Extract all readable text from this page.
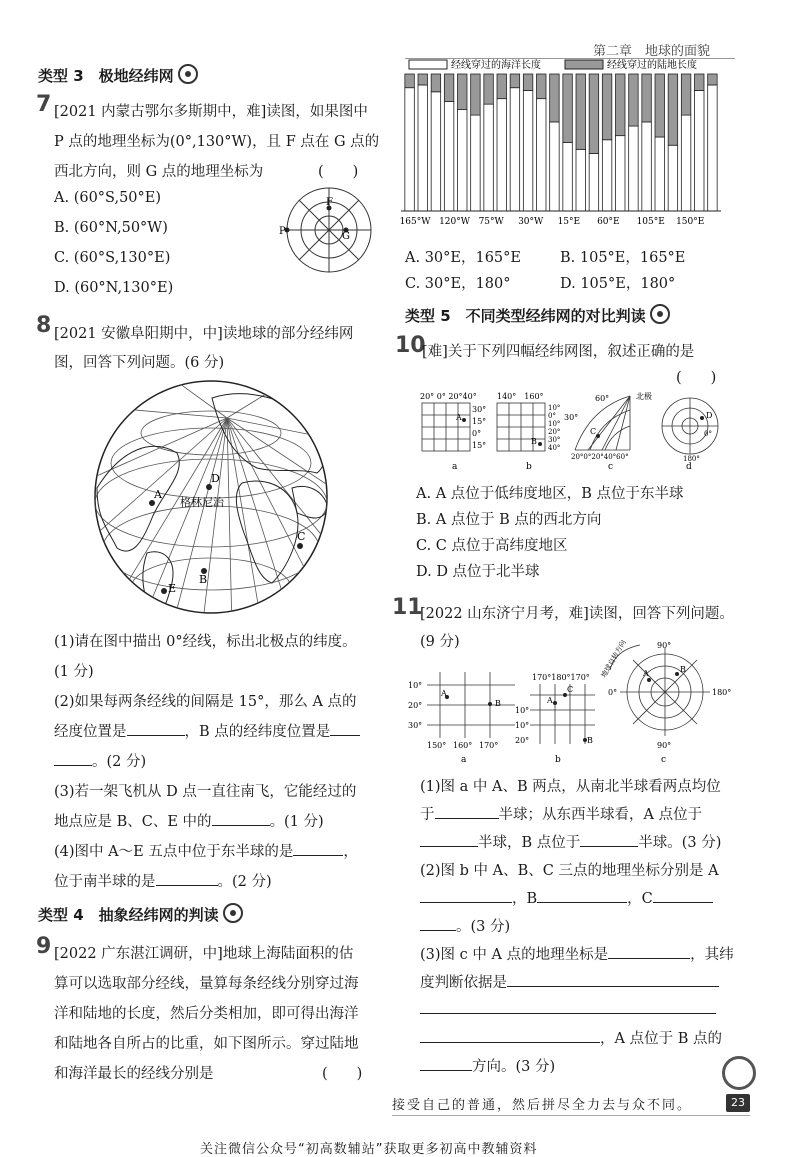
第二章　地球的面貌
类型 3　极地经纬网
7 [2021 内蒙古鄂尔多斯期中，难]读图，如果图中
P 点的地理坐标为(0°,130°W)，且 F 点在 G 点的
西北方向，则 G 点的地理坐标为	(　　)
A. (60°S,50°E)
B. (60°N,50°W)
C. (60°S,130°E)
D. (60°N,130°E)
P
F
G
8 [2021 安徽阜阳期中，中]读地球的部分经纬网
图，回答下列问题。(6 分)
格林尼治
A
B
C
D
E
(1)请在图中描出 0°经线，标出北极点的纬度。
(1 分)
(2)如果每两条经线的间隔是 15°，那么 A 点的
经度位置是	，B 点的经纬度位置是
。(2 分)
(3)若一架飞机从 D 点一直往南飞，它能经过的
地点应是 B、C、E 中的	。(1 分)
(4)图中 A～E 五点中位于东半球的是	，
位于南半球的是	。(2 分)
类型 4　抽象经纬网的判读
9 [2022 广东湛江调研，中]地球上海陆面积的估
算可以选取部分经线，量算每条经线分别穿过海
洋和陆地的长度，然后分类相加，即可得出海洋
和陆地各自所占的比重，如下图所示。穿过陆地
和海洋最长的经线分别是	(　　)
经线穿过的海洋长度	经线穿过的陆地长度
165°W 120°W 75°W 30°W 15°E 60°E 105°E 150°E
A. 30°E，165°E	B. 105°E，165°E
C. 30°E，180°	D. 105°E，180°
类型 5　不同类型经纬网的对比判读
10
[难]关于下列四幅经纬网图，叙述正确的是
(　　)
20° 0° 20°40°
A
30°
15°
0°
15°
a
140°　160°
B
10°
0°
10°
20°
30°
40°
b
C
60°
30°
北极
20°0°20°40°60°
c
D
0°
180°
d
A. A 点位于低纬度地区，B 点位于东半球
B. A 点位于 B 点的西北方向
C. C 点位于高纬度地区
D. D 点位于北半球
11
[2022 山东济宁月考，难]读图，回答下列问题。
(9 分)
A
B
10°
20°
30°
150° 160° 170°
a
170°180°170°
A
B
C
10°
10°
20°
b
A	B
90°
0°	180°
90°
地球自转方向
c
(1)图 a 中 A、B 两点，从南北半球看两点均位
于	半球；从东西半球看，A 点位于
半球，B 点位于	半球。(3 分)
(2)图 b 中 A、B、C 三点的地理坐标分别是 A
，B	，C
。(3 分)
(3)图 c 中 A 点的地理坐标是	，其纬
度判断依据是
，A 点位于 B 点的
方向。(3 分)
接受自己的普通，然后拼尽全力去与众不同。	23
关注微信公众号“初高数辅站”获取更多初高中教辅资料
